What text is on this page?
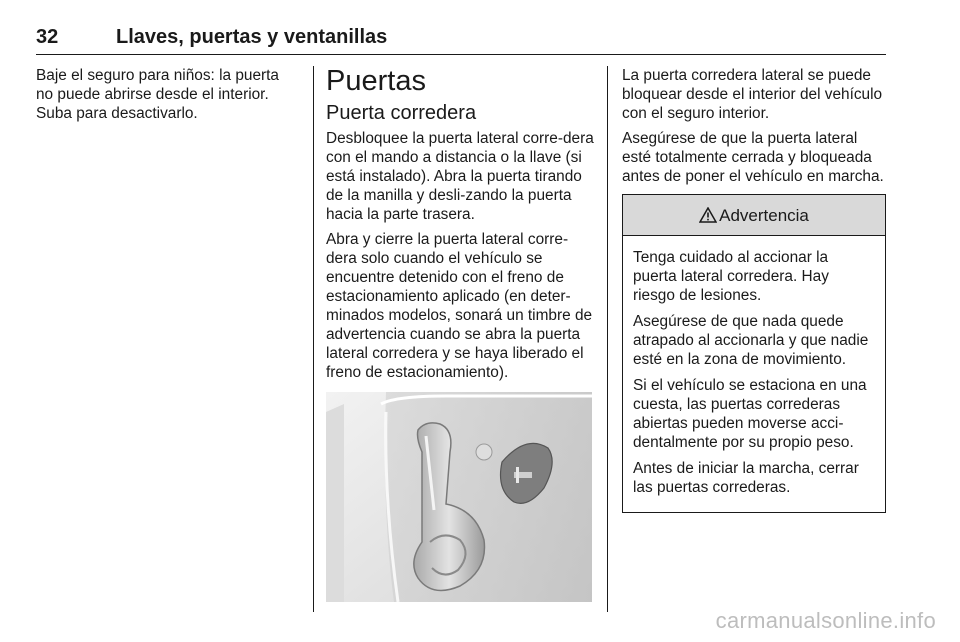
32	Llaves, puertas y ventanillas

Baje el seguro para niños: la puerta no puede abrirse desde el interior. Suba para desactivarlo.

Puertas
Puerta corredera

Desbloquee la puerta lateral corre-dera con el mando a distancia o la llave (si está instalado). Abra la puerta tirando de la manilla y desli-zando la puerta hacia la parte trasera.

Abra y cierre la puerta lateral corre-dera solo cuando el vehículo se encuentre detenido con el freno de estacionamiento aplicado (en deter-minados modelos, sonará un timbre de advertencia cuando se abra la puerta lateral corredera y se haya liberado el freno de estacionamiento).

La puerta corredera lateral se puede bloquear desde el interior del vehículo con el seguro interior.

Asegúrese de que la puerta lateral esté totalmente cerrada y bloqueada antes de poner el vehículo en marcha.

Advertencia

Tenga cuidado al accionar la puerta lateral corredera. Hay riesgo de lesiones.

Asegúrese de que nada quede atrapado al accionarla y que nadie esté en la zona de movimiento.

Si el vehículo se estaciona en una cuesta, las puertas correderas abiertas pueden moverse acci-dentalmente por su propio peso.

Antes de iniciar la marcha, cerrar las puertas correderas.

carmanualsonline.info
